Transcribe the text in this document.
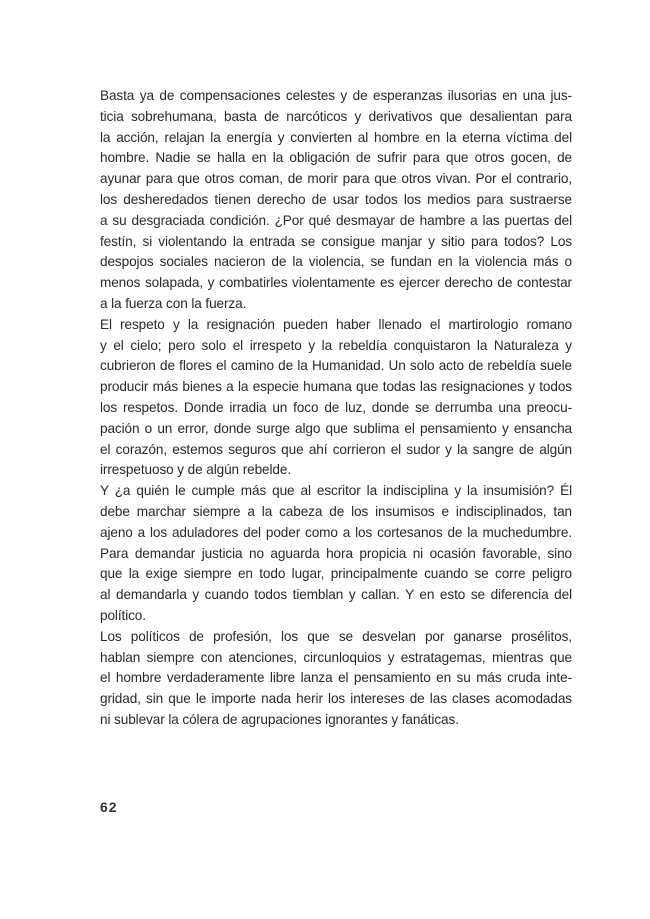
Basta ya de compensaciones celestes y de esperanzas ilusorias en una jus-
ticia sobrehumana, basta de narcóticos y derivativos que desalientan para
la acción, relajan la energía y convierten al hombre en la eterna víctima del
hombre. Nadie se halla en la obligación de sufrir para que otros gocen, de
ayunar para que otros coman, de morir para que otros vivan. Por el contrario,
los desheredados tienen derecho de usar todos los medios para sustraerse
a su desgraciada condición. ¿Por qué desmayar de hambre a las puertas del
festín, si violentando la entrada se consigue manjar y sitio para todos? Los
despojos sociales nacieron de la violencia, se fundan en la violencia más o
menos solapada, y combatirles violentamente es ejercer derecho de contestar
a la fuerza con la fuerza.
El respeto y la resignación pueden haber llenado el martirologio romano
y el cielo; pero solo el irrespeto y la rebeldía conquistaron la Naturaleza y
cubrieron de flores el camino de la Humanidad. Un solo acto de rebeldía suele
producir más bienes a la especie humana que todas las resignaciones y todos
los respetos. Donde irradia un foco de luz, donde se derrumba una preocu-
pación o un error, donde surge algo que sublima el pensamiento y ensancha
el corazón, estemos seguros que ahí corrieron el sudor y la sangre de algún
irrespetuoso y de algún rebelde.
Y ¿a quién le cumple más que al escritor la indisciplina y la insumisión? Él
debe marchar siempre a la cabeza de los insumisos e indisciplinados, tan
ajeno a los aduladores del poder como a los cortesanos de la muchedumbre.
Para demandar justicia no aguarda hora propicia ni ocasión favorable, sino
que la exige siempre en todo lugar, principalmente cuando se corre peligro
al demandarla y cuando todos tiemblan y callan. Y en esto se diferencia del
político.
Los políticos de profesión, los que se desvelan por ganarse prosélitos,
hablan siempre con atenciones, circunloquios y estratagemas, mientras que
el hombre verdaderamente libre lanza el pensamiento en su más cruda inte-
gridad, sin que le importe nada herir los intereses de las clases acomodadas
ni sublevar la cólera de agrupaciones ignorantes y fanáticas.
62
